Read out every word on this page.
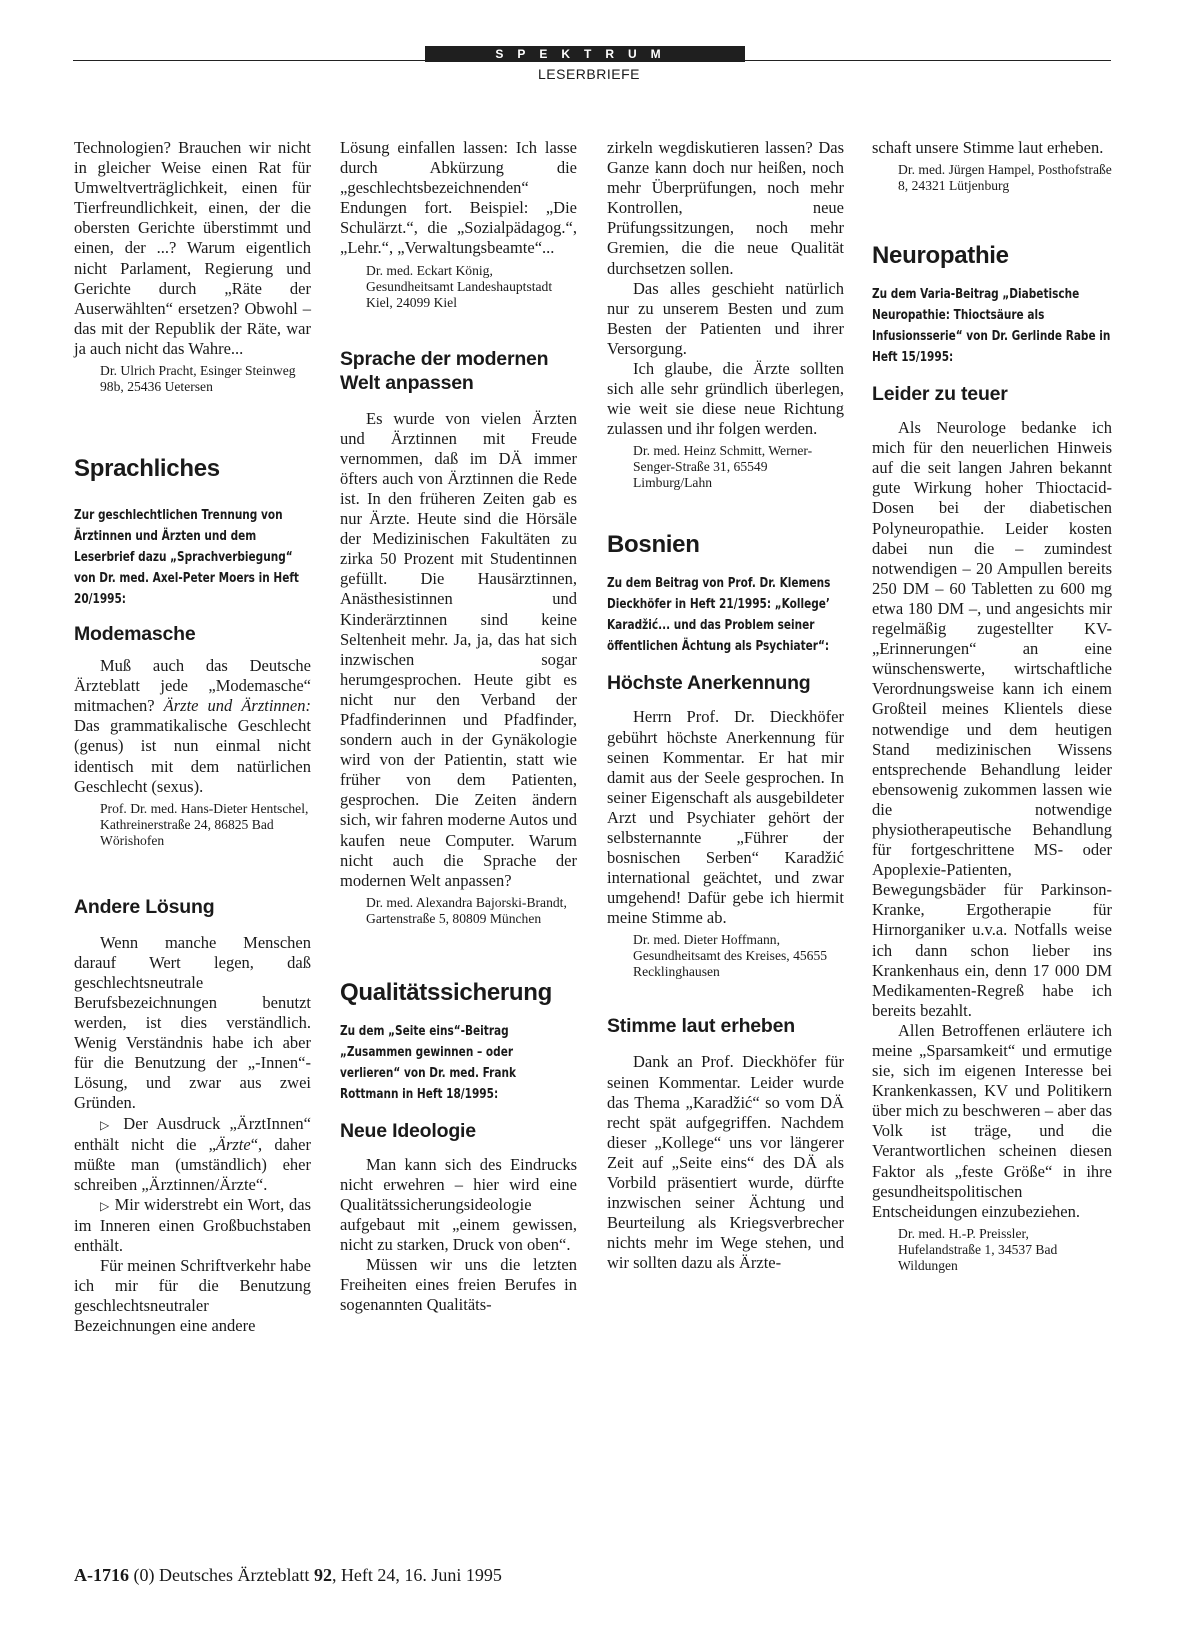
SPEKTRUM
LESERBRIEFE

Technologien? Brauchen wir nicht in gleicher Weise einen Rat für Umweltverträglichkeit, einen für Tierfreundlichkeit, einen, der die obersten Gerichte überstimmt und einen, der ...? Warum eigentlich nicht Parlament, Regierung und Gerichte durch „Räte der Auserwählten“ ersetzen? Obwohl – das mit der Republik der Räte, war ja auch nicht das Wahre...

Dr. Ulrich Pracht, Esinger Steinweg 98b, 25436 Uetersen

Sprachliches

Zur geschlechtlichen Trennung von Ärztinnen und Ärzten und dem Leserbrief dazu „Sprachverbiegung“ von Dr. med. Axel-Peter Moers in Heft 20/1995:

Modemasche

Muß auch das Deutsche Ärzteblatt jede „Modemasche“ mitmachen? Ärzte und Ärztinnen: Das grammatikalische Geschlecht (genus) ist nun einmal nicht identisch mit dem natürlichen Geschlecht (sexus).

Prof. Dr. med. Hans-Dieter Hentschel, Kathreinerstraße 24, 86825 Bad Wörishofen

Andere Lösung

Wenn manche Menschen darauf Wert legen, daß geschlechtsneutrale Berufsbezeichnungen benutzt werden, ist dies verständlich. Wenig Verständnis habe ich aber für die Benutzung der „-Innen“-Lösung, und zwar aus zwei Gründen.

▷ Der Ausdruck „ÄrztInnen“ enthält nicht die „Ärzte“, daher müßte man (umständlich) eher schreiben „Ärztinnen/Ärzte“.

▷ Mir widerstrebt ein Wort, das im Inneren einen Großbuchstaben enthält.

Für meinen Schriftverkehr habe ich mir für die Benutzung geschlechtsneutraler Bezeichnungen eine andere

Lösung einfallen lassen: Ich lasse durch Abkürzung die „geschlechtsbezeichnenden“ Endungen fort. Beispiel: „Die Schulärzt.“, die „Sozialpädagog.“, „Lehr.“, „Verwaltungsbeamte“...

Dr. med. Eckart König, Gesundheitsamt Landeshauptstadt Kiel, 24099 Kiel

Sprache der modernen Welt anpassen

Es wurde von vielen Ärzten und Ärztinnen mit Freude vernommen, daß im DÄ immer öfters auch von Ärztinnen die Rede ist. In den früheren Zeiten gab es nur Ärzte. Heute sind die Hörsäle der Medizinischen Fakultäten zu zirka 50 Prozent mit Studentinnen gefüllt. Die Hausärztinnen, Anästhesistinnen und Kinderärztinnen sind keine Seltenheit mehr. Ja, ja, das hat sich inzwischen sogar herumgesprochen. Heute gibt es nicht nur den Verband der Pfadfinderinnen und Pfadfinder, sondern auch in der Gynäkologie wird von der Patientin, statt wie früher von dem Patienten, gesprochen. Die Zeiten ändern sich, wir fahren moderne Autos und kaufen neue Computer. Warum nicht auch die Sprache der modernen Welt anpassen?

Dr. med. Alexandra Bajorski-Brandt, Gartenstraße 5, 80809 München

Qualitätssicherung

Zu dem „Seite eins“-Beitrag „Zusammen gewinnen – oder verlieren“ von Dr. med. Frank Rottmann in Heft 18/1995:

Neue Ideologie

Man kann sich des Eindrucks nicht erwehren – hier wird eine Qualitätssicherungsideologie aufgebaut mit „einem gewissen, nicht zu starken, Druck von oben“.

Müssen wir uns die letzten Freiheiten eines freien Berufes in sogenannten Qualitäts-

zirkeln wegdiskutieren lassen? Das Ganze kann doch nur heißen, noch mehr Überprüfungen, noch mehr Kontrollen, neue Prüfungssitzungen, noch mehr Gremien, die die neue Qualität durchsetzen sollen.

Das alles geschieht natürlich nur zu unserem Besten und zum Besten der Patienten und ihrer Versorgung.

Ich glaube, die Ärzte sollten sich alle sehr gründlich überlegen, wie weit sie diese neue Richtung zulassen und ihr folgen werden.

Dr. med. Heinz Schmitt, Werner-Senger-Straße 31, 65549 Limburg/Lahn

Bosnien

Zu dem Beitrag von Prof. Dr. Klemens Dieckhöfer in Heft 21/1995: „Kollege’ Karadžić... und das Problem seiner öffentlichen Ächtung als Psychiater“:

Höchste Anerkennung

Herrn Prof. Dr. Dieckhöfer gebührt höchste Anerkennung für seinen Kommentar. Er hat mir damit aus der Seele gesprochen. In seiner Eigenschaft als ausgebildeter Arzt und Psychiater gehört der selbsternannte „Führer der bosnischen Serben“ Karadžić international geächtet, und zwar umgehend! Dafür gebe ich hiermit meine Stimme ab.

Dr. med. Dieter Hoffmann, Gesundheitsamt des Kreises, 45655 Recklinghausen

Stimme laut erheben

Dank an Prof. Dieckhöfer für seinen Kommentar. Leider wurde das Thema „Karadžić“ so vom DÄ recht spät aufgegriffen. Nachdem dieser „Kollege“ uns vor längerer Zeit auf „Seite eins“ des DÄ als Vorbild präsentiert wurde, dürfte inzwischen seiner Ächtung und Beurteilung als Kriegsverbrecher nichts mehr im Wege stehen, und wir sollten dazu als Ärzte-

schaft unsere Stimme laut erheben.

Dr. med. Jürgen Hampel, Posthofstraße 8, 24321 Lütjenburg

Neuropathie

Zu dem Varia-Beitrag „Diabetische Neuropathie: Thioctsäure als Infusionsserie“ von Dr. Gerlinde Rabe in Heft 15/1995:

Leider zu teuer

Als Neurologe bedanke ich mich für den neuerlichen Hinweis auf die seit langen Jahren bekannt gute Wirkung hoher Thioctacid-Dosen bei der diabetischen Polyneuropathie. Leider kosten dabei nun die – zumindest notwendigen – 20 Ampullen bereits 250 DM – 60 Tabletten zu 600 mg etwa 180 DM –, und angesichts mir regelmäßig zugestellter KV-„Erinnerungen“ an eine wünschenswerte, wirtschaftliche Verordnungsweise kann ich einem Großteil meines Klientels diese notwendige und dem heutigen Stand medizinischen Wissens entsprechende Behandlung leider ebensowenig zukommen lassen wie die notwendige physiotherapeutische Behandlung für fortgeschrittene MS- oder Apoplexie-Patienten, Bewegungsbäder für Parkinson-Kranke, Ergotherapie für Hirnorganiker u.v.a. Notfalls weise ich dann schon lieber ins Krankenhaus ein, denn 17 000 DM Medikamenten-Regreß habe ich bereits bezahlt.

Allen Betroffenen erläutere ich meine „Sparsamkeit“ und ermutige sie, sich im eigenen Interesse bei Krankenkassen, KV und Politikern über mich zu beschweren – aber das Volk ist träge, und die Verantwortlichen scheinen diesen Faktor als „feste Größe“ in ihre gesundheitspolitischen Entscheidungen einzubeziehen.

Dr. med. H.-P. Preissler, Hufelandstraße 1, 34537 Bad Wildungen

A-1716 (0) Deutsches Ärzteblatt 92, Heft 24, 16. Juni 1995
